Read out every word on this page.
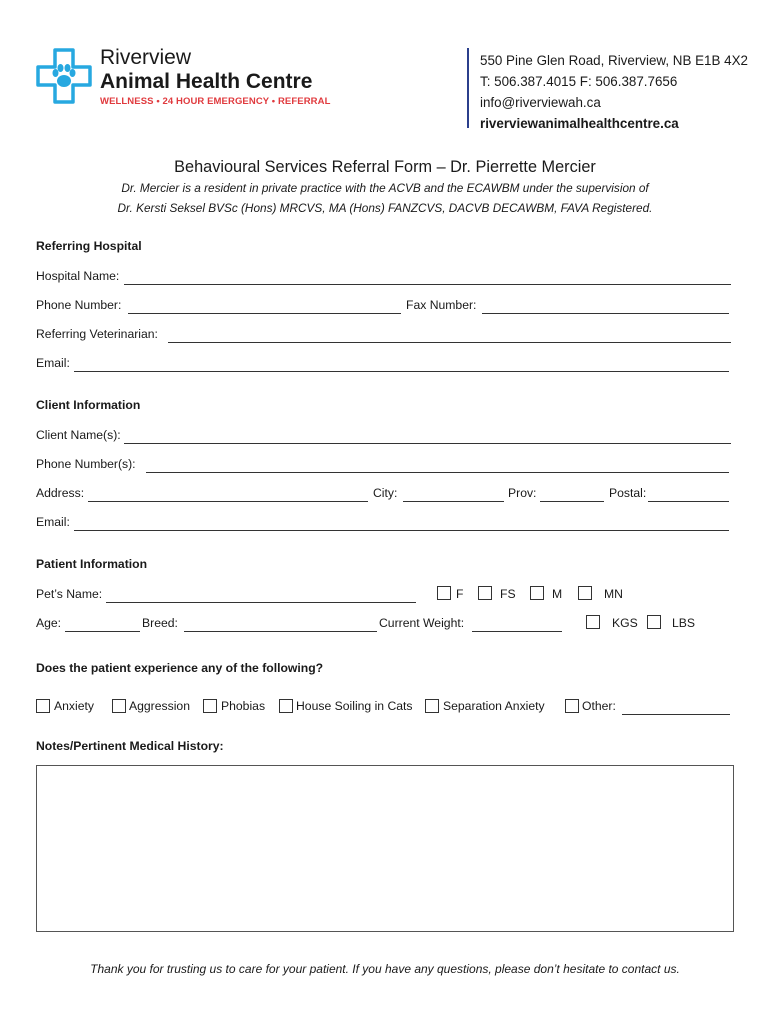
Riverview
Animal Health Centre
WELLNESS • 24 HOUR EMERGENCY • REFERRAL
550 Pine Glen Road, Riverview, NB E1B 4X2
T: 506.387.4015 F: 506.387.7656
info@riverviewah.ca
riverviewanimalhealthcentre.ca
Behavioural Services Referral Form – Dr. Pierrette Mercier
Dr. Mercier is a resident in private practice with the ACVB and the ECAWBM under the supervision of
Dr. Kersti Seksel BVSc (Hons) MRCVS, MA (Hons) FANZCVS, DACVB DECAWBM, FAVA Registered.
Referring Hospital
Hospital Name:
Phone Number:	Fax Number:
Referring Veterinarian:
Email:
Client Information
Client Name(s):
Phone Number(s):
Address:	City:	Prov:	Postal:
Email:
Patient Information
Pet’s Name:	F	FS	M	MN
Age:	Breed:	Current Weight:	KGS	LBS
Does the patient experience any of the following?
Anxiety	Aggression	Phobias	House Soiling in Cats Separation Anxiety	Other:
Notes/Pertinent Medical History:
Thank you for trusting us to care for your patient. If you have any questions, please don’t hesitate to contact us.
